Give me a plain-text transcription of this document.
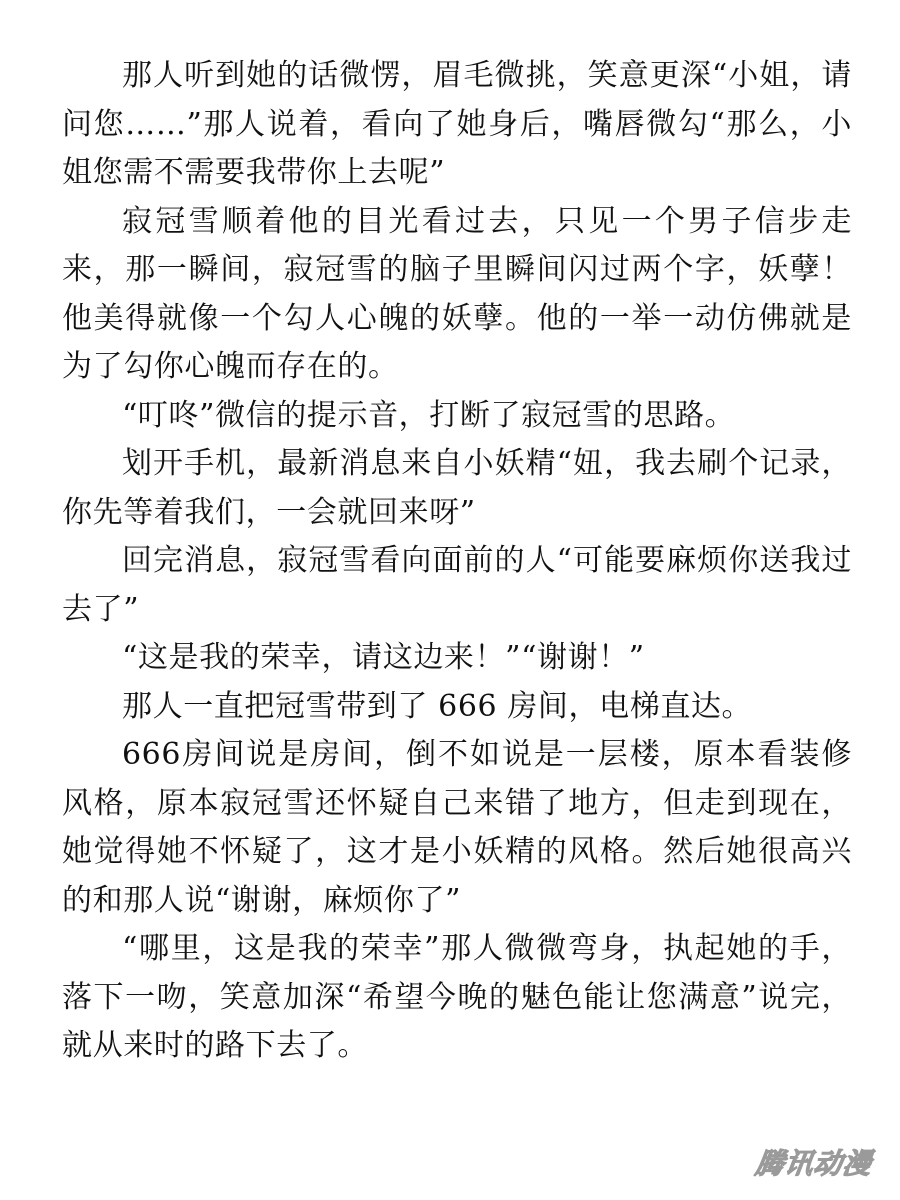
那人听到她的话微愣，眉毛微挑，笑意更深“小姐，请问您……”那人说着，看向了她身后，嘴唇微勾“那么，小姐您需不需要我带你上去呢”

寂冠雪顺着他的目光看过去，只见一个男子信步走来，那一瞬间，寂冠雪的脑子里瞬间闪过两个字，妖孽！他美得就像一个勾人心魄的妖孽。他的一举一动仿佛就是为了勾你心魄而存在的。

“叮咚”微信的提示音，打断了寂冠雪的思路。

划开手机，最新消息来自小妖精“妞，我去刷个记录，你先等着我们，一会就回来呀”

回完消息，寂冠雪看向面前的人“可能要麻烦你送我过去了”

“这是我的荣幸，请这边来！”“谢谢！”

那人一直把冠雪带到了 666 房间，电梯直达。

666房间说是房间，倒不如说是一层楼，原本看装修风格，原本寂冠雪还怀疑自己来错了地方，但走到现在，她觉得她不怀疑了，这才是小妖精的风格。然后她很高兴的和那人说“谢谢，麻烦你了”

“哪里，这是我的荣幸”那人微微弯身，执起她的手，落下一吻，笑意加深“希望今晚的魅色能让您满意”说完，就从来时的路下去了。

腾讯动漫
